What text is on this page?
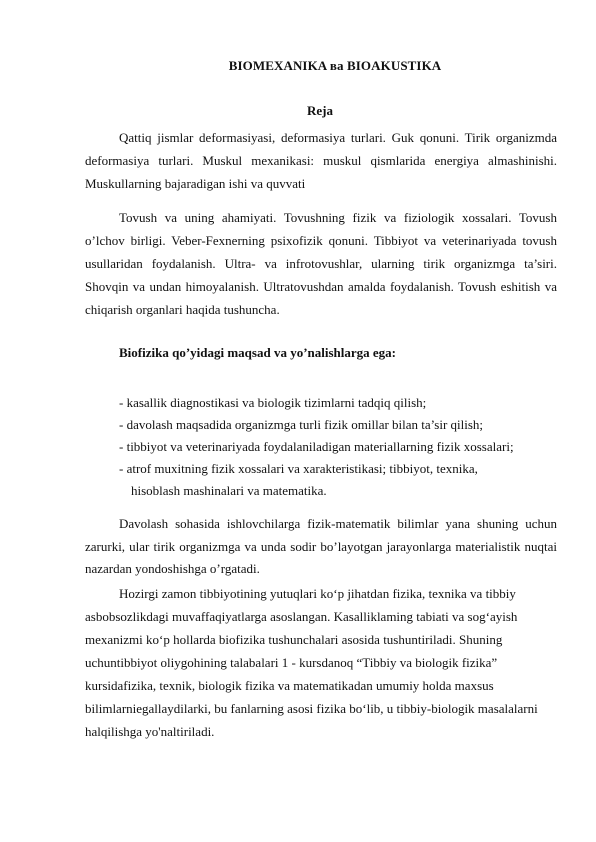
BIOMEXANIKA ва BIOAKUSTIKA
Reja
Qattiq jismlar deformasiyasi, deformasiya turlari. Guk qonuni. Tirik organizmda deformasiya turlari. Muskul mexanikasi: muskul qismlarida energiya almashinishi. Muskullarning bajaradigan ishi va quvvati
Tovush va uning ahamiyati. Tovushning fizik va fiziologik xossalari. Tovush o’lchov birligi. Veber-Fexnerning psixofizik qonuni. Tibbiyot va veterinariyada tovush usullaridan foydalanish. Ultra- va infrotovushlar, ularning tirik organizmga ta’siri. Shovqin va undan himoyalanish. Ultratovushdan amalda foydalanish. Tovush eshitish va chiqarish organlari haqida tushuncha.
Biofizika qo’yidagi maqsad va yo’nalishlarga ega:
- kasallik diagnostikasi va biologik tizimlarni tadqiq qilish;
- davolash maqsadida organizmga turli fizik omillar bilan ta’sir qilish;
- tibbiyot va veterinariyada foydalaniladigan materiallarning fizik xossalari;
- atrof muxitning fizik xossalari va xarakteristikasi; tibbiyot, texnika,
hisoblash mashinalari va matematika.
Davolash sohasida ishlovchilarga fizik-matematik bilimlar yana shuning uchun zarurki, ular tirik organizmga va unda sodir bo’layotgan jarayonlarga materialistik nuqtai nazardan yondoshishga o’rgatadi.
Hozirgi zamon tibbiyotining yutuqlari ko‘p jihatdan fizika, texnika va tibbiy asbobsozlikdagi muvaffaqiyatlarga asoslangan. Kasalliklaming tabiati va sog‘ayish mexanizmi ko‘p hollarda biofizika tushunchalari asosida tushuntiriladi. Shuning uchuntibbiyot oliygohining talabalari 1 - kursdanoq “Tibbiy va biologik fizika” kursidafizika, texnik, biologik fizika va matematikadan umumiy holda maxsus bilimlarniegallaydilarki, bu fanlarning asosi fizika bo‘lib, u tibbiy-biologik masalalarni halqilishga yo'naltiriladi.
